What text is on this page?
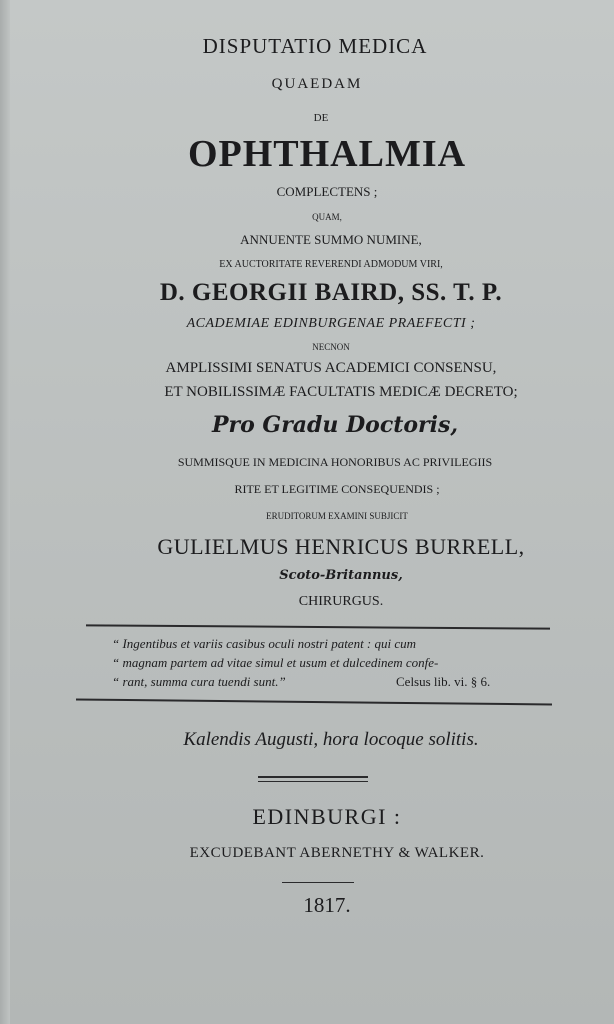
DISPUTATIO MEDICA
QUAEDAM
DE
OPHTHALMIA
COMPLECTENS ;
QUAM,
ANNUENTE SUMMO NUMINE,
EX AUCTORITATE REVERENDI ADMODUM VIRI,
D. GEORGII BAIRD, SS. T. P.
ACADEMIAE EDINBURGENAE PRAEFECTI ;
NECNON
AMPLISSIMI SENATUS ACADEMICI CONSENSU,
ET NOBILISSIMÆ FACULTATIS MEDICÆ DECRETO;
Pro Gradu Doctoris,
SUMMISQUE IN MEDICINA HONORIBUS AC PRIVILEGIIS
RITE ET LEGITIME CONSEQUENDIS ;
ERUDITORUM EXAMINI SUBJICIT
GULIELMUS HENRICUS BURRELL,
Scoto-Britannus,
CHIRURGUS.
“ Ingentibus et variis casibus oculi nostri patent : qui cum
“ magnam partem ad vitae simul et usum et dulcedinem confe-
“ rant, summa cura tuendi sunt.”	Celsus lib. vi. § 6.
Kalendis Augusti, hora locoque solitis.
EDINBURGI :
EXCUDEBANT ABERNETHY & WALKER.
1817.
